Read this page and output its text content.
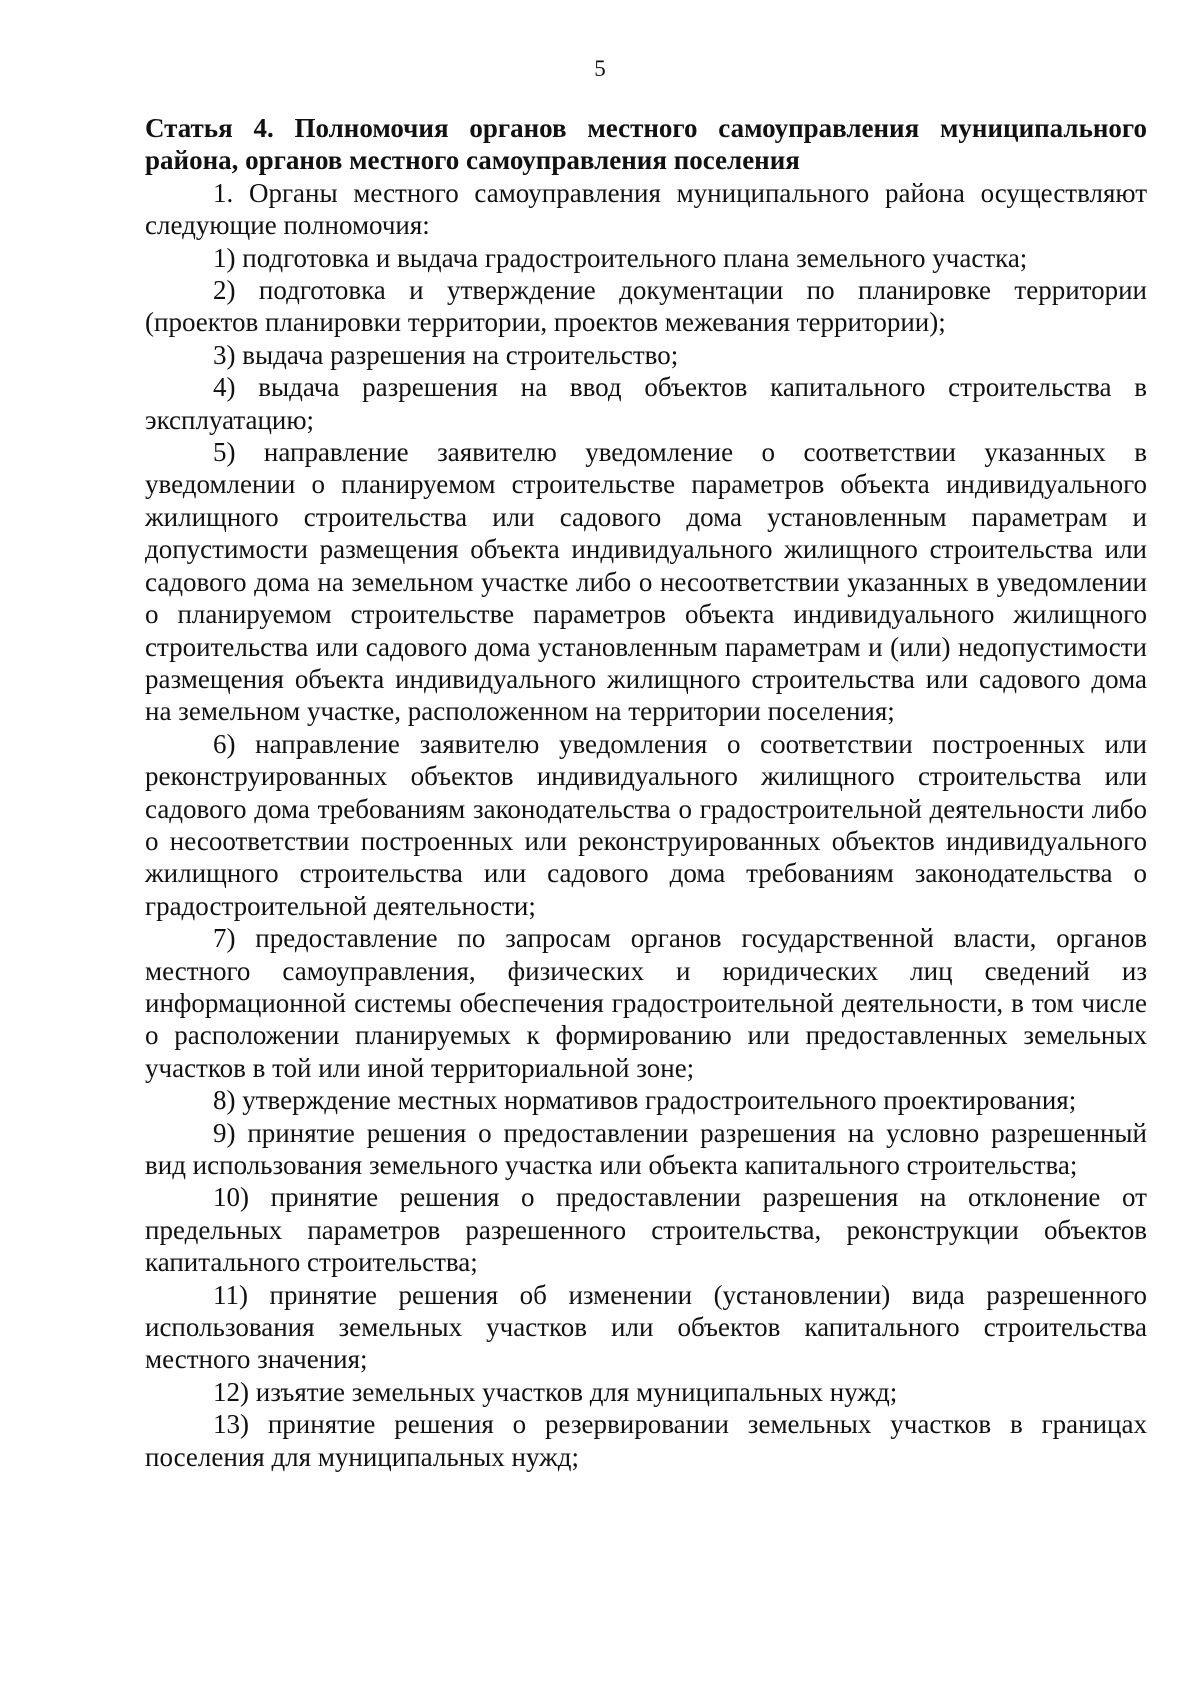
5

Статья 4. Полномочия органов местного самоуправления муниципального района, органов местного самоуправления поселения

1. Органы местного самоуправления муниципального района осуществляют следующие полномочия:

1) подготовка и выдача градостроительного плана земельного участка;

2) подготовка и утверждение документации по планировке территории (проектов планировки территории, проектов межевания территории);

3) выдача разрешения на строительство;

4) выдача разрешения на ввод объектов капитального строительства в эксплуатацию;

5) направление заявителю уведомление о соответствии указанных в уведомлении о планируемом строительстве параметров объекта индивидуального жилищного строительства или садового дома установленным параметрам и допустимости размещения объекта индивидуального жилищного строительства или садового дома на земельном участке либо о несоответствии указанных в уведомлении о планируемом строительстве параметров объекта индивидуального жилищного строительства или садового дома установленным параметрам и (или) недопустимости размещения объекта индивидуального жилищного строительства или садового дома на земельном участке, расположенном на территории поселения;

6) направление заявителю уведомления о соответствии построенных или реконструированных объектов индивидуального жилищного строительства или садового дома требованиям законодательства о градостроительной деятельности либо о несоответствии построенных или реконструированных объектов индивидуального жилищного строительства или садового дома требованиям законодательства о градостроительной деятельности;

7) предоставление по запросам органов государственной власти, органов местного самоуправления, физических и юридических лиц сведений из информационной системы обеспечения градостроительной деятельности, в том числе о расположении планируемых к формированию или предоставленных земельных участков в той или иной территориальной зоне;

8) утверждение местных нормативов градостроительного проектирования;

9) принятие решения о предоставлении разрешения на условно разрешенный вид использования земельного участка или объекта капитального строительства;

10) принятие решения о предоставлении разрешения на отклонение от предельных параметров разрешенного строительства, реконструкции объектов капитального строительства;

11) принятие решения об изменении (установлении) вида разрешенного использования земельных участков или объектов капитального строительства местного значения;

12) изъятие земельных участков для муниципальных нужд;

13) принятие решения о резервировании земельных участков в границах поселения для муниципальных нужд;
